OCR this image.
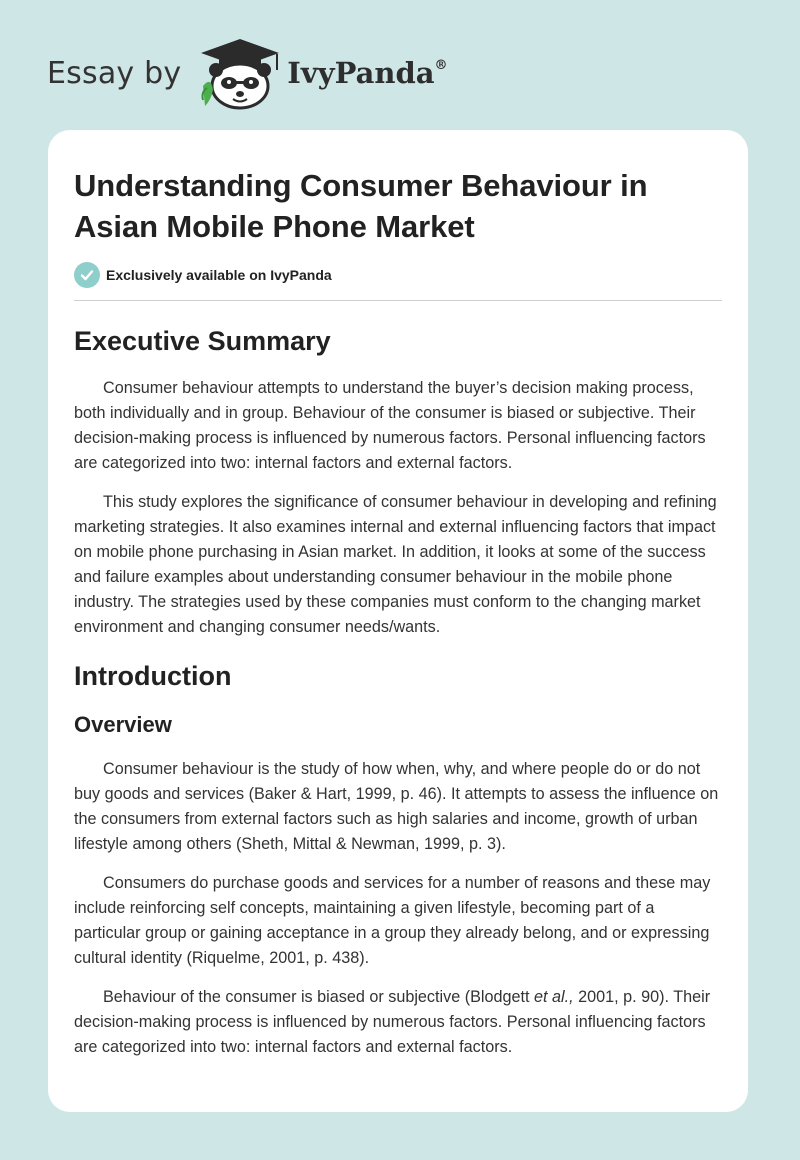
Essay by	IvyPanda®
Understanding Consumer Behaviour in Asian Mobile Phone Market
Exclusively available on IvyPanda
Executive Summary

Consumer behaviour attempts to understand the buyer’s decision making process, both individually and in group. Behaviour of the consumer is biased or subjective. Their decision-making process is influenced by numerous factors. Personal influencing factors are categorized into two: internal factors and external factors.

This study explores the significance of consumer behaviour in developing and refining marketing strategies. It also examines internal and external influencing factors that impact on mobile phone purchasing in Asian market. In addition, it looks at some of the success and failure examples about understanding consumer behaviour in the mobile phone industry. The strategies used by these companies must conform to the changing market environment and changing consumer needs/wants.

Introduction
Overview

Consumer behaviour is the study of how when, why, and where people do or do not buy goods and services (Baker & Hart, 1999, p. 46). It attempts to assess the influence on the consumers from external factors such as high salaries and income, growth of urban lifestyle among others (Sheth, Mittal & Newman, 1999, p. 3).

Consumers do purchase goods and services for a number of reasons and these may include reinforcing self concepts, maintaining a given lifestyle, becoming part of a particular group or gaining acceptance in a group they already belong, and or expressing cultural identity (Riquelme, 2001, p. 438).

Behaviour of the consumer is biased or subjective (Blodgett et al., 2001, p. 90). Their decision-making process is influenced by numerous factors. Personal influencing factors are categorized into two: internal factors and external factors.
